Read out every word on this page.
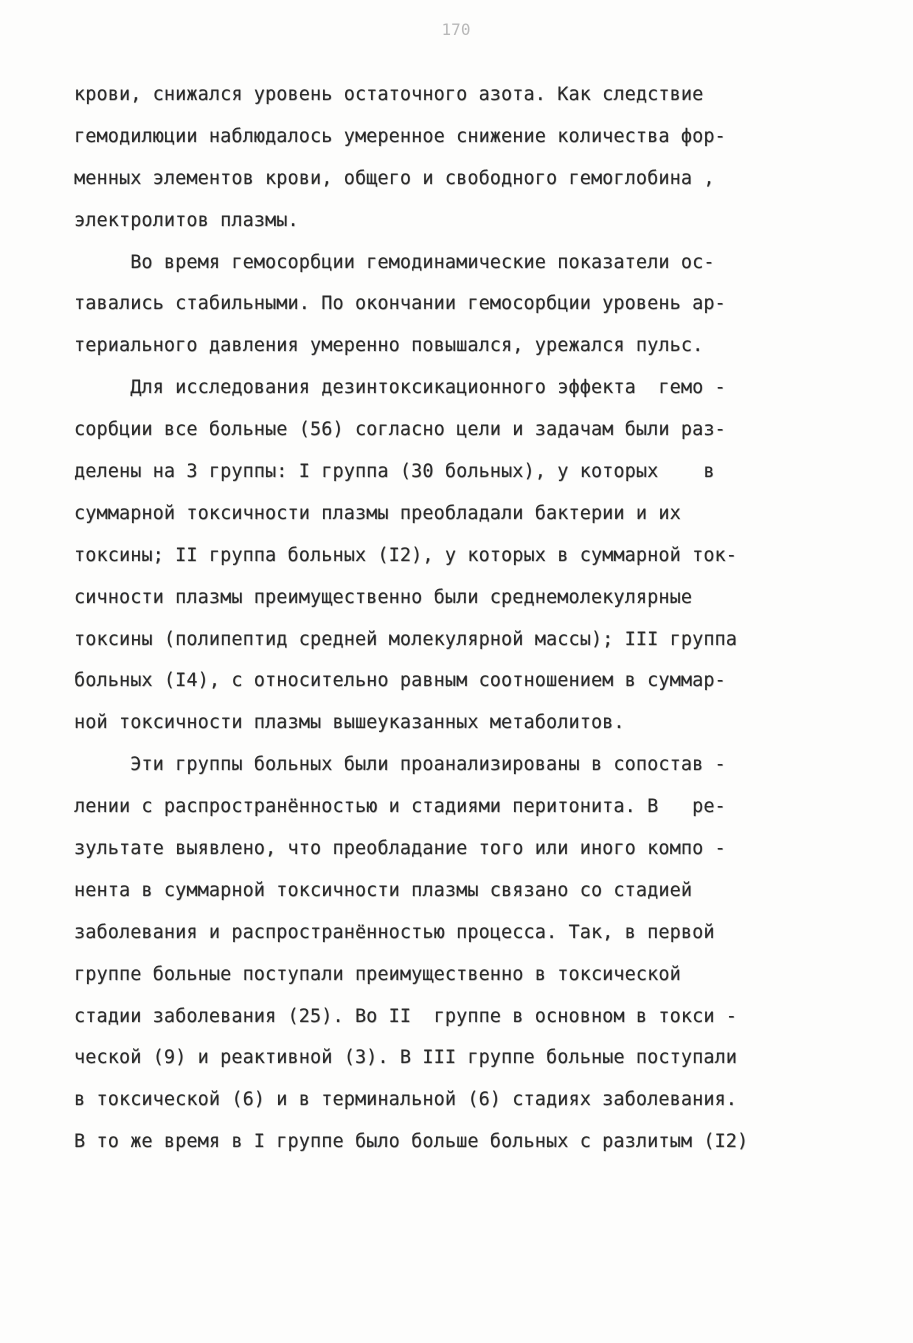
170
крови, снижался уровень остаточного азота. Как следствие
гемодилюции наблюдалось умеренное снижение количества фор-
менных элементов крови, общего и свободного гемоглобина ,
электролитов плазмы.
Во время гемосорбции гемодинамические показатели ос-
тавались стабильными. По окончании гемосорбции уровень ар-
териального давления умеренно повышался, урежался пульс.
Для исследования дезинтоксикационного эффекта  гемо -
сорбции все больные (56) согласно цели и задачам были раз-
делены на 3 группы: I группа (30 больных), у которых    в
суммарной токсичности плазмы преобладали бактерии и их
токсины; II группа больных (I2), у которых в суммарной ток-
сичности плазмы преимущественно были среднемолекулярные
токсины (полипептид средней молекулярной массы); III группа
больных (I4), с относительно равным соотношением в суммар-
ной токсичности плазмы вышеуказанных метаболитов.
Эти группы больных были проанализированы в сопостав -
лении с распространённостью и стадиями перитонита. В   ре-
зультате выявлено, что преобладание того или иного компо -
нента в суммарной токсичности плазмы связано со стадией
заболевания и распространённостью процесса. Так, в первой
группе больные поступали преимущественно в токсической
стадии заболевания (25). Во II  группе в основном в токси -
ческой (9) и реактивной (3). В III группе больные поступали
в токсической (6) и в терминальной (6) стадиях заболевания.
В то же время в I группе было больше больных с разлитым (I2)
